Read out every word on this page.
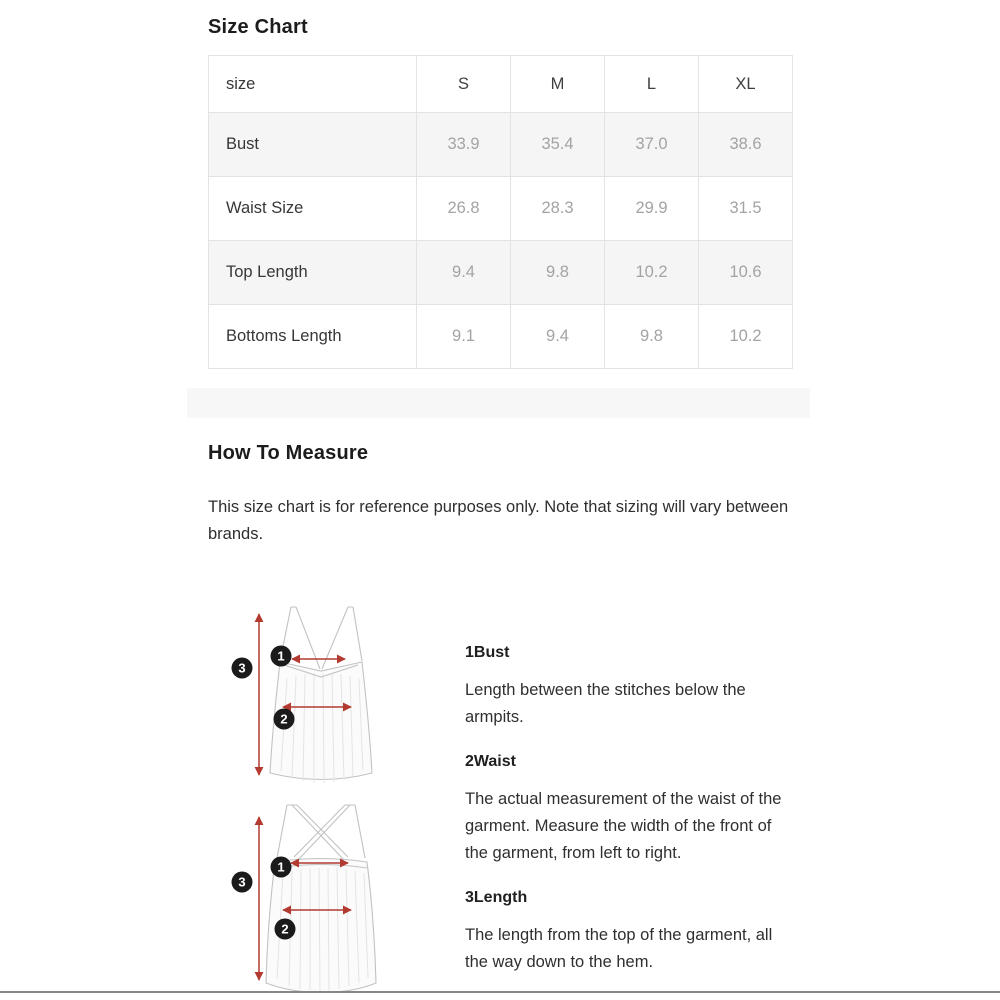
Size Chart
size	S	M	L	XL
Bust	33.9	35.4	37.0	38.6
Waist Size	26.8	28.3	29.9	31.5
Top Length	9.4	9.8	10.2	10.6
Bottoms Length	9.1	9.4	9.8	10.2
How To Measure

This size chart is for reference purposes only. Note that sizing will vary between brands.

1
2
3
1
2
3
1Bust

Length between the stitches below the armpits.

2Waist

The actual measurement of the waist of the garment. Measure the width of the front of the garment, from left to right.

3Length

The length from the top of the garment, all the way down to the hem.
